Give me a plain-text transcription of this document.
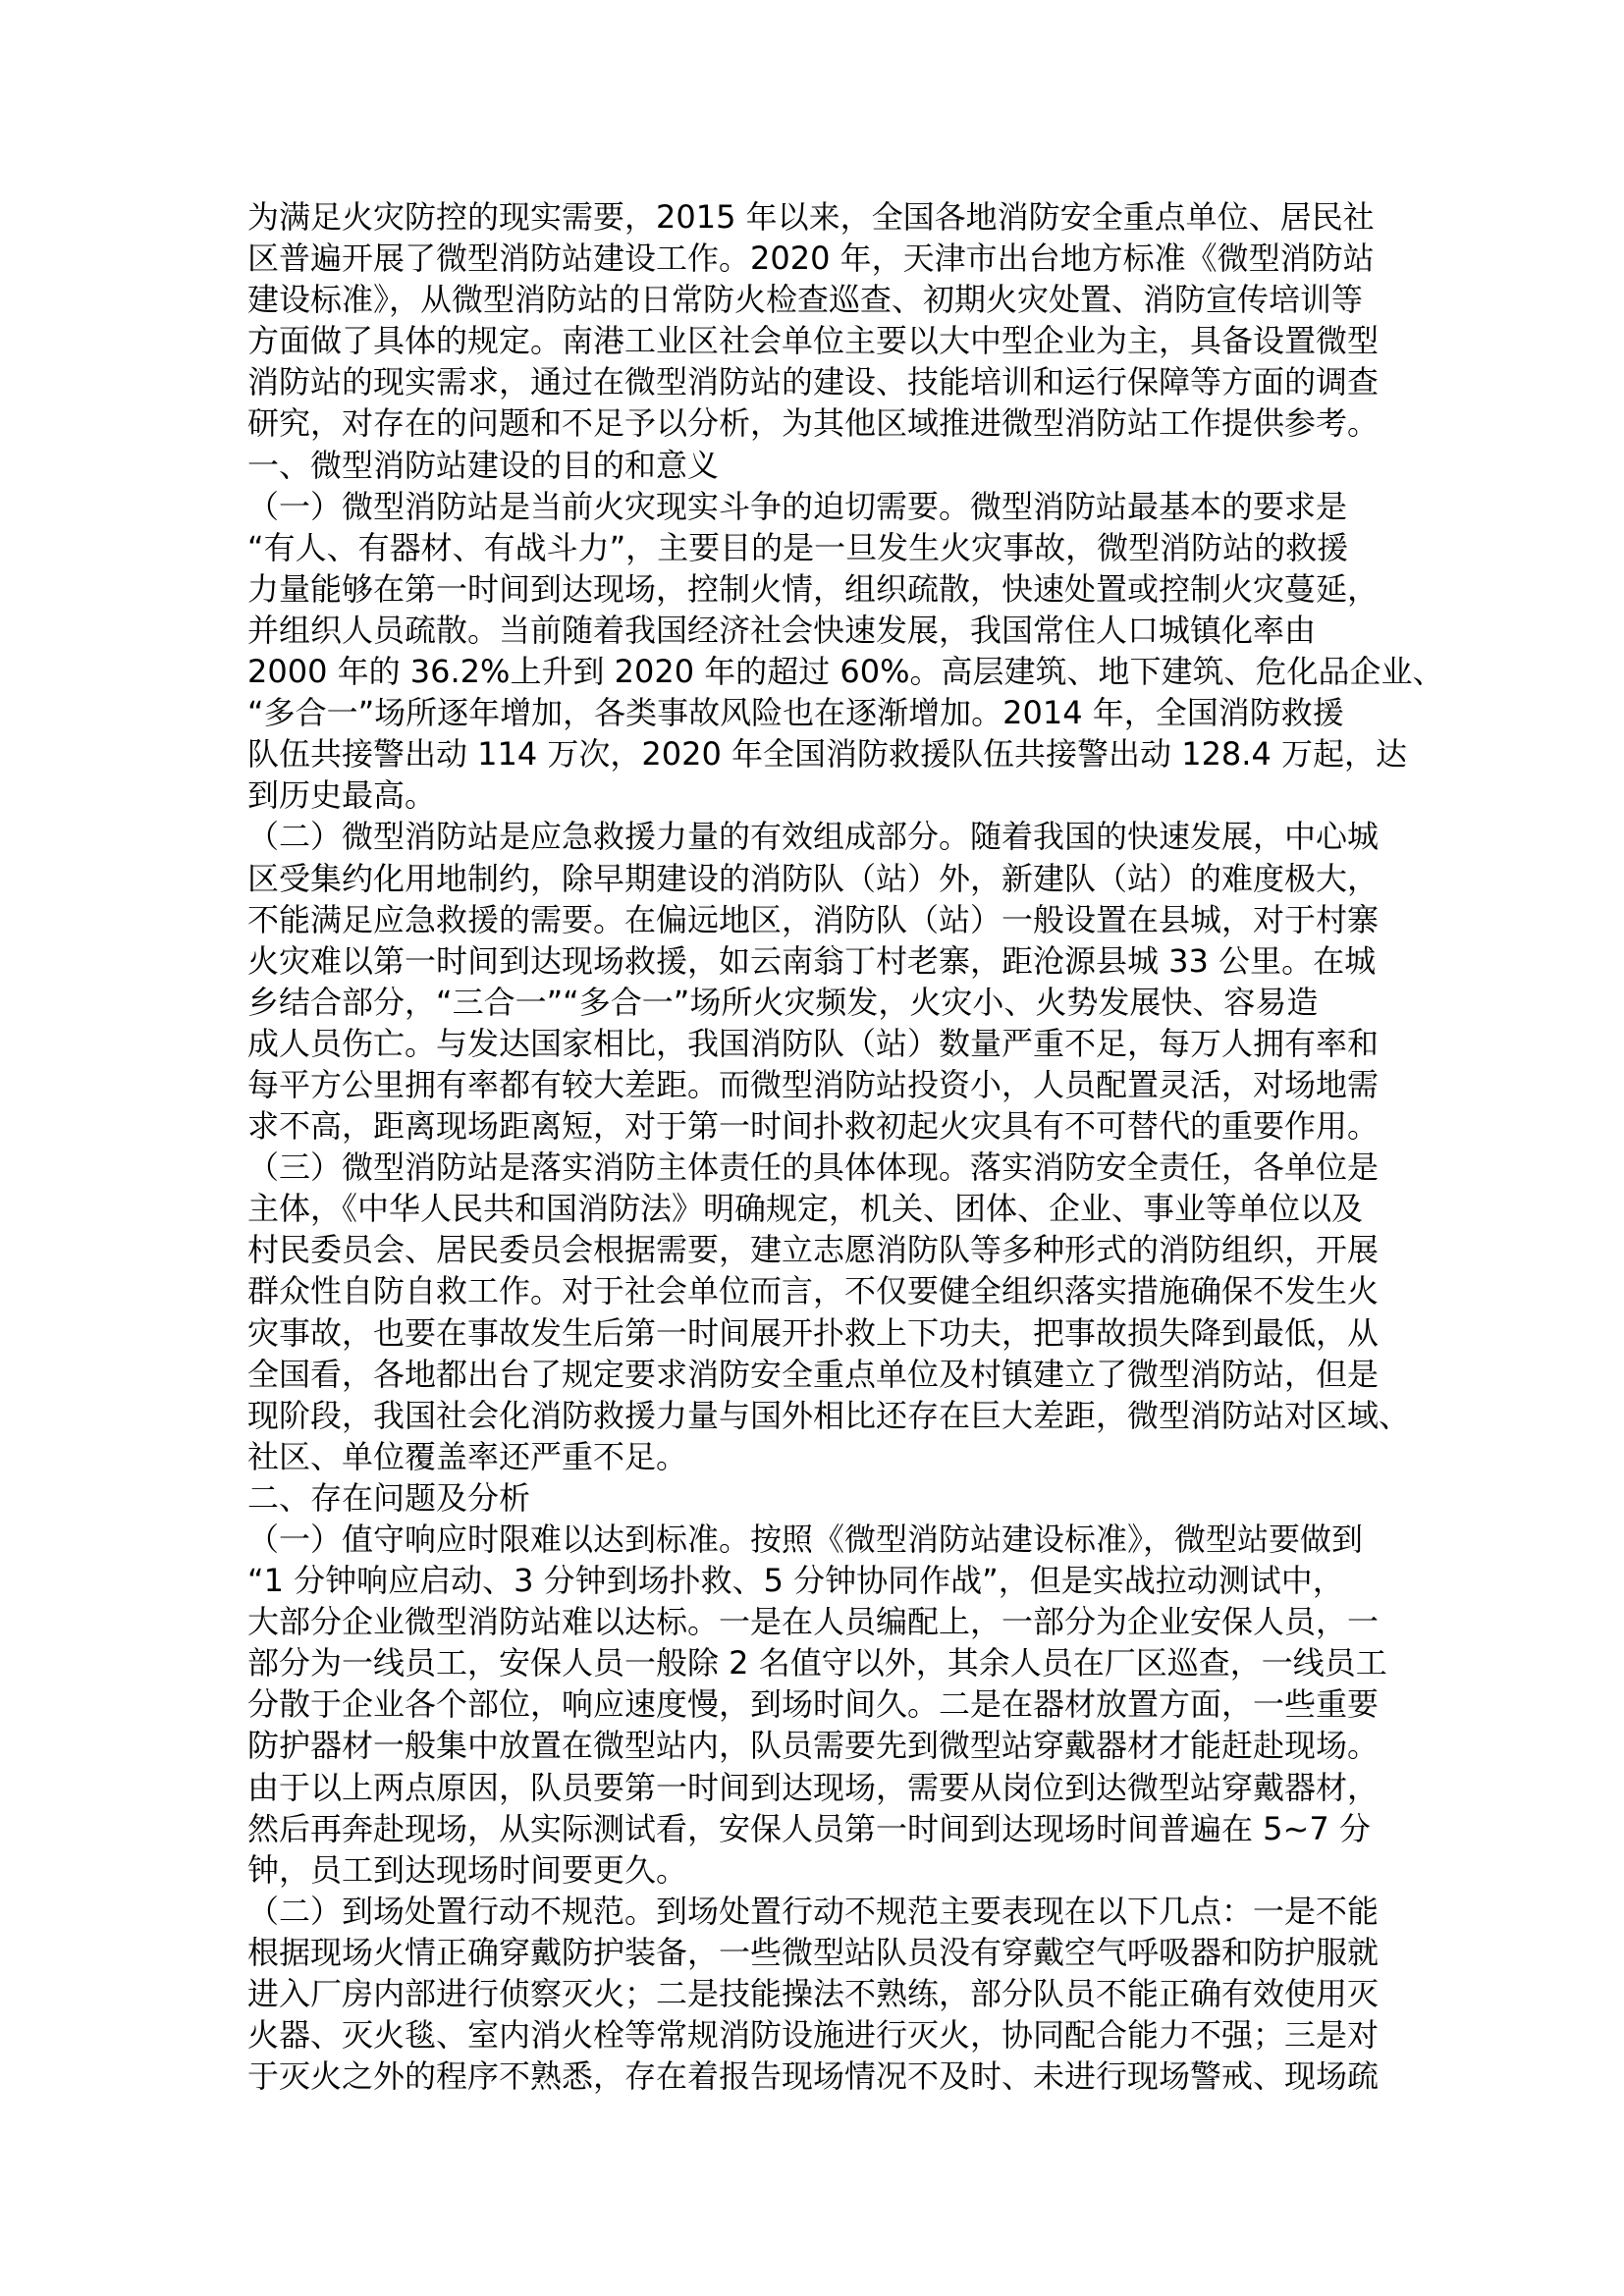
为满足火灾防控的现实需要，2015 年以来，全国各地消防安全重点单位、居民社
区普遍开展了微型消防站建设工作。2020 年，天津市出台地方标准《微型消防站
建设标准》，从微型消防站的日常防火检查巡查、初期火灾处置、消防宣传培训等
方面做了具体的规定。南港工业区社会单位主要以大中型企业为主，具备设置微型
消防站的现实需求，通过在微型消防站的建设、技能培训和运行保障等方面的调查
研究，对存在的问题和不足予以分析，为其他区域推进微型消防站工作提供参考。
一、微型消防站建设的目的和意义
（一）微型消防站是当前火灾现实斗争的迫切需要。微型消防站最基本的要求是
“有人、有器材、有战斗力”，主要目的是一旦发生火灾事故，微型消防站的救援
力量能够在第一时间到达现场，控制火情，组织疏散，快速处置或控制火灾蔓延，
并组织人员疏散。当前随着我国经济社会快速发展，我国常住人口城镇化率由
2000 年的 36.2%上升到 2020 年的超过 60%。高层建筑、地下建筑、危化品企业、
“多合一”场所逐年增加，各类事故风险也在逐渐增加。2014 年，全国消防救援
队伍共接警出动 114 万次，2020 年全国消防救援队伍共接警出动 128.4 万起，达
到历史最高。
（二）微型消防站是应急救援力量的有效组成部分。随着我国的快速发展，中心城
区受集约化用地制约，除早期建设的消防队（站）外，新建队（站）的难度极大，
不能满足应急救援的需要。在偏远地区，消防队（站）一般设置在县城，对于村寨
火灾难以第一时间到达现场救援，如云南翁丁村老寨，距沧源县城 33 公里。在城
乡结合部分，“三合一”“多合一”场所火灾频发，火灾小、火势发展快、容易造
成人员伤亡。与发达国家相比，我国消防队（站）数量严重不足，每万人拥有率和
每平方公里拥有率都有较大差距。而微型消防站投资小，人员配置灵活，对场地需
求不高，距离现场距离短，对于第一时间扑救初起火灾具有不可替代的重要作用。
（三）微型消防站是落实消防主体责任的具体体现。落实消防安全责任，各单位是
主体，《中华人民共和国消防法》明确规定，机关、团体、企业、事业等单位以及
村民委员会、居民委员会根据需要，建立志愿消防队等多种形式的消防组织，开展
群众性自防自救工作。对于社会单位而言，不仅要健全组织落实措施确保不发生火
灾事故，也要在事故发生后第一时间展开扑救上下功夫，把事故损失降到最低，从
全国看，各地都出台了规定要求消防安全重点单位及村镇建立了微型消防站，但是
现阶段，我国社会化消防救援力量与国外相比还存在巨大差距，微型消防站对区域、
社区、单位覆盖率还严重不足。
二、存在问题及分析
（一）值守响应时限难以达到标准。按照《微型消防站建设标准》，微型站要做到
“1 分钟响应启动、3 分钟到场扑救、5 分钟协同作战”，但是实战拉动测试中，
大部分企业微型消防站难以达标。一是在人员编配上，一部分为企业安保人员，一
部分为一线员工，安保人员一般除 2 名值守以外，其余人员在厂区巡查，一线员工
分散于企业各个部位，响应速度慢，到场时间久。二是在器材放置方面，一些重要
防护器材一般集中放置在微型站内，队员需要先到微型站穿戴器材才能赶赴现场。
由于以上两点原因，队员要第一时间到达现场，需要从岗位到达微型站穿戴器材，
然后再奔赴现场，从实际测试看，安保人员第一时间到达现场时间普遍在 5~7 分
钟，员工到达现场时间要更久。
（二）到场处置行动不规范。到场处置行动不规范主要表现在以下几点：一是不能
根据现场火情正确穿戴防护装备，一些微型站队员没有穿戴空气呼吸器和防护服就
进入厂房内部进行侦察灭火；二是技能操法不熟练，部分队员不能正确有效使用灭
火器、灭火毯、室内消火栓等常规消防设施进行灭火，协同配合能力不强；三是对
于灭火之外的程序不熟悉，存在着报告现场情况不及时、未进行现场警戒、现场疏
